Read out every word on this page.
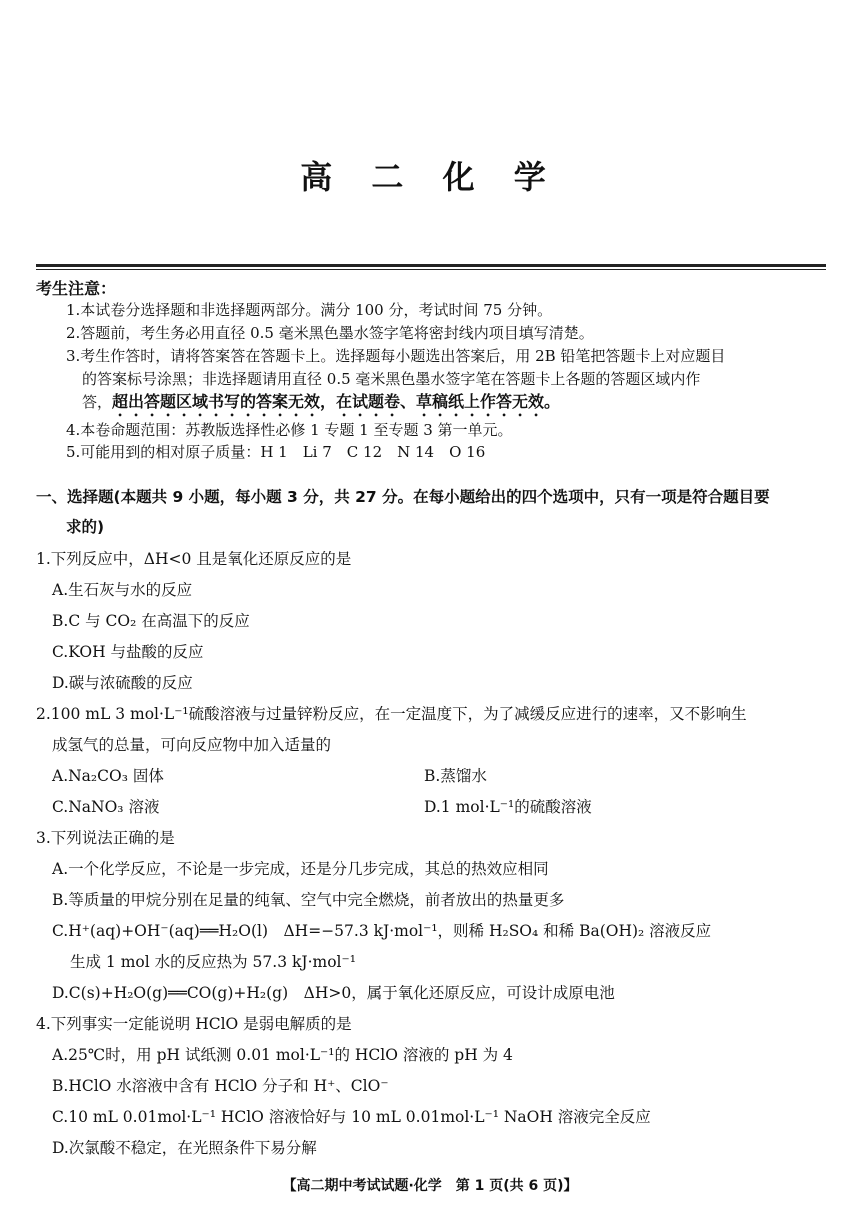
高 二 化 学
考生注意：
1.本试卷分选择题和非选择题两部分。满分 100 分，考试时间 75 分钟。
2.答题前，考生务必用直径 0.5 毫米黑色墨水签字笔将密封线内项目填写清楚。
3.考生作答时，请将答案答在答题卡上。选择题每小题选出答案后，用 2B 铅笔把答题卡上对应题目
的答案标号涂黑；非选择题请用直径 0.5 毫米黑色墨水签字笔在答题卡上各题的答题区域内作
答，超出答题区域书写的答案无效，在试题卷、草稿纸上作答无效。
4.本卷命题范围：苏教版选择性必修 1 专题 1 至专题 3 第一单元。
5.可能用到的相对原子质量：H 1　Li 7　C 12　N 14　O 16
一、选择题(本题共 9 小题，每小题 3 分，共 27 分。在每小题给出的四个选项中，只有一项是符合题目要
求的)
1.下列反应中，ΔH<0 且是氧化还原反应的是
A.生石灰与水的反应
B.C 与 CO₂ 在高温下的反应
C.KOH 与盐酸的反应
D.碳与浓硫酸的反应
2.100 mL 3 mol·L⁻¹硫酸溶液与过量锌粉反应，在一定温度下，为了减缓反应进行的速率，又不影响生
成氢气的总量，可向反应物中加入适量的
A.Na₂CO₃ 固体	B.蒸馏水
C.NaNO₃ 溶液	D.1 mol·L⁻¹的硫酸溶液
3.下列说法正确的是
A.一个化学反应，不论是一步完成，还是分几步完成，其总的热效应相同
B.等质量的甲烷分别在足量的纯氧、空气中完全燃烧，前者放出的热量更多
C.H⁺(aq)+OH⁻(aq)══H₂O(l)　ΔH=−57.3 kJ·mol⁻¹，则稀 H₂SO₄ 和稀 Ba(OH)₂ 溶液反应
生成 1 mol 水的反应热为 57.3 kJ·mol⁻¹
D.C(s)+H₂O(g)══CO(g)+H₂(g)　ΔH>0，属于氧化还原反应，可设计成原电池
4.下列事实一定能说明 HClO 是弱电解质的是
A.25℃时，用 pH 试纸测 0.01 mol·L⁻¹的 HClO 溶液的 pH 为 4
B.HClO 水溶液中含有 HClO 分子和 H⁺、ClO⁻
C.10 mL 0.01mol·L⁻¹ HClO 溶液恰好与 10 mL 0.01mol·L⁻¹ NaOH 溶液完全反应
D.次氯酸不稳定，在光照条件下易分解
【高二期中考试试题·化学　第 1 页(共 6 页)】
